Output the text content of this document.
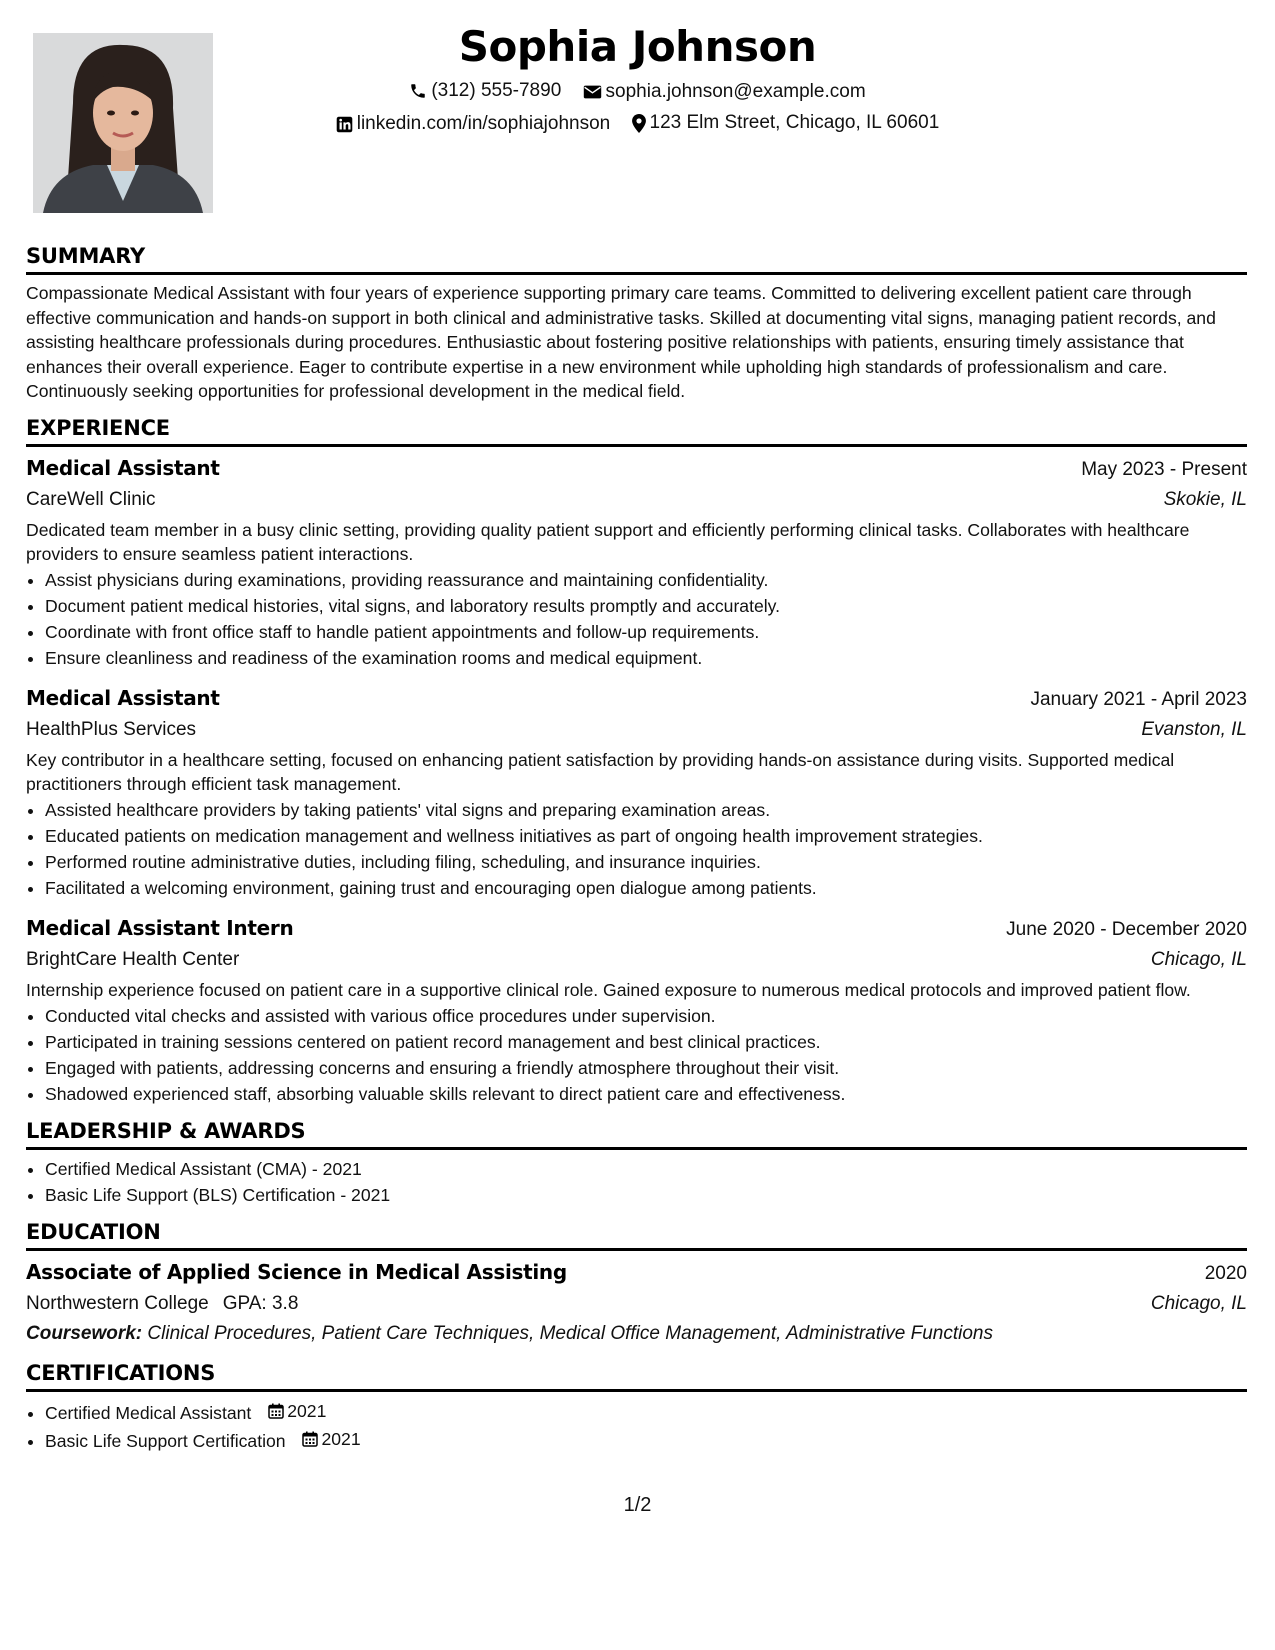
Sophia Johnson
(312) 555-7890
sophia.johnson@example.com
linkedin.com/in/sophiajohnson
123 Elm Street, Chicago, IL 60601
SUMMARY

Compassionate Medical Assistant with four years of experience supporting primary care teams. Committed to delivering excellent patient care through effective communication and hands-on support in both clinical and administrative tasks. Skilled at documenting vital signs, managing patient records, and assisting healthcare professionals during procedures. Enthusiastic about fostering positive relationships with patients, ensuring timely assistance that enhances their overall experience. Eager to contribute expertise in a new environment while upholding high standards of professionalism and care. Continuously seeking opportunities for professional development in the medical field.

EXPERIENCE
Medical Assistant	May 2023 - Present
CareWell Clinic	Skokie, IL
Dedicated team member in a busy clinic setting, providing quality patient support and efficiently performing clinical tasks. Collaborates with healthcare providers to ensure seamless patient interactions.
• Assist physicians during examinations, providing reassurance and maintaining confidentiality.
• Document patient medical histories, vital signs, and laboratory results promptly and accurately.
• Coordinate with front office staff to handle patient appointments and follow-up requirements.
• Ensure cleanliness and readiness of the examination rooms and medical equipment.
Medical Assistant	January 2021 - April 2023
HealthPlus Services	Evanston, IL
Key contributor in a healthcare setting, focused on enhancing patient satisfaction by providing hands-on assistance during visits. Supported medical practitioners through efficient task management.
• Assisted healthcare providers by taking patients' vital signs and preparing examination areas.
• Educated patients on medication management and wellness initiatives as part of ongoing health improvement strategies.
• Performed routine administrative duties, including filing, scheduling, and insurance inquiries.
• Facilitated a welcoming environment, gaining trust and encouraging open dialogue among patients.
Medical Assistant Intern	June 2020 - December 2020
BrightCare Health Center	Chicago, IL
Internship experience focused on patient care in a supportive clinical role. Gained exposure to numerous medical protocols and improved patient flow.
• Conducted vital checks and assisted with various office procedures under supervision.
• Participated in training sessions centered on patient record management and best clinical practices.
• Engaged with patients, addressing concerns and ensuring a friendly atmosphere throughout their visit.
• Shadowed experienced staff, absorbing valuable skills relevant to direct patient care and effectiveness.
LEADERSHIP & AWARDS
• Certified Medical Assistant (CMA) - 2021
• Basic Life Support (BLS) Certification - 2021
EDUCATION
Associate of Applied Science in Medical Assisting	2020
Northwestern College GPA: 3.8	Chicago, IL
Coursework: Clinical Procedures, Patient Care Techniques, Medical Office Management, Administrative Functions
CERTIFICATIONS
• Certified Medical Assistant 2021
• Basic Life Support Certification 2021
1/2
